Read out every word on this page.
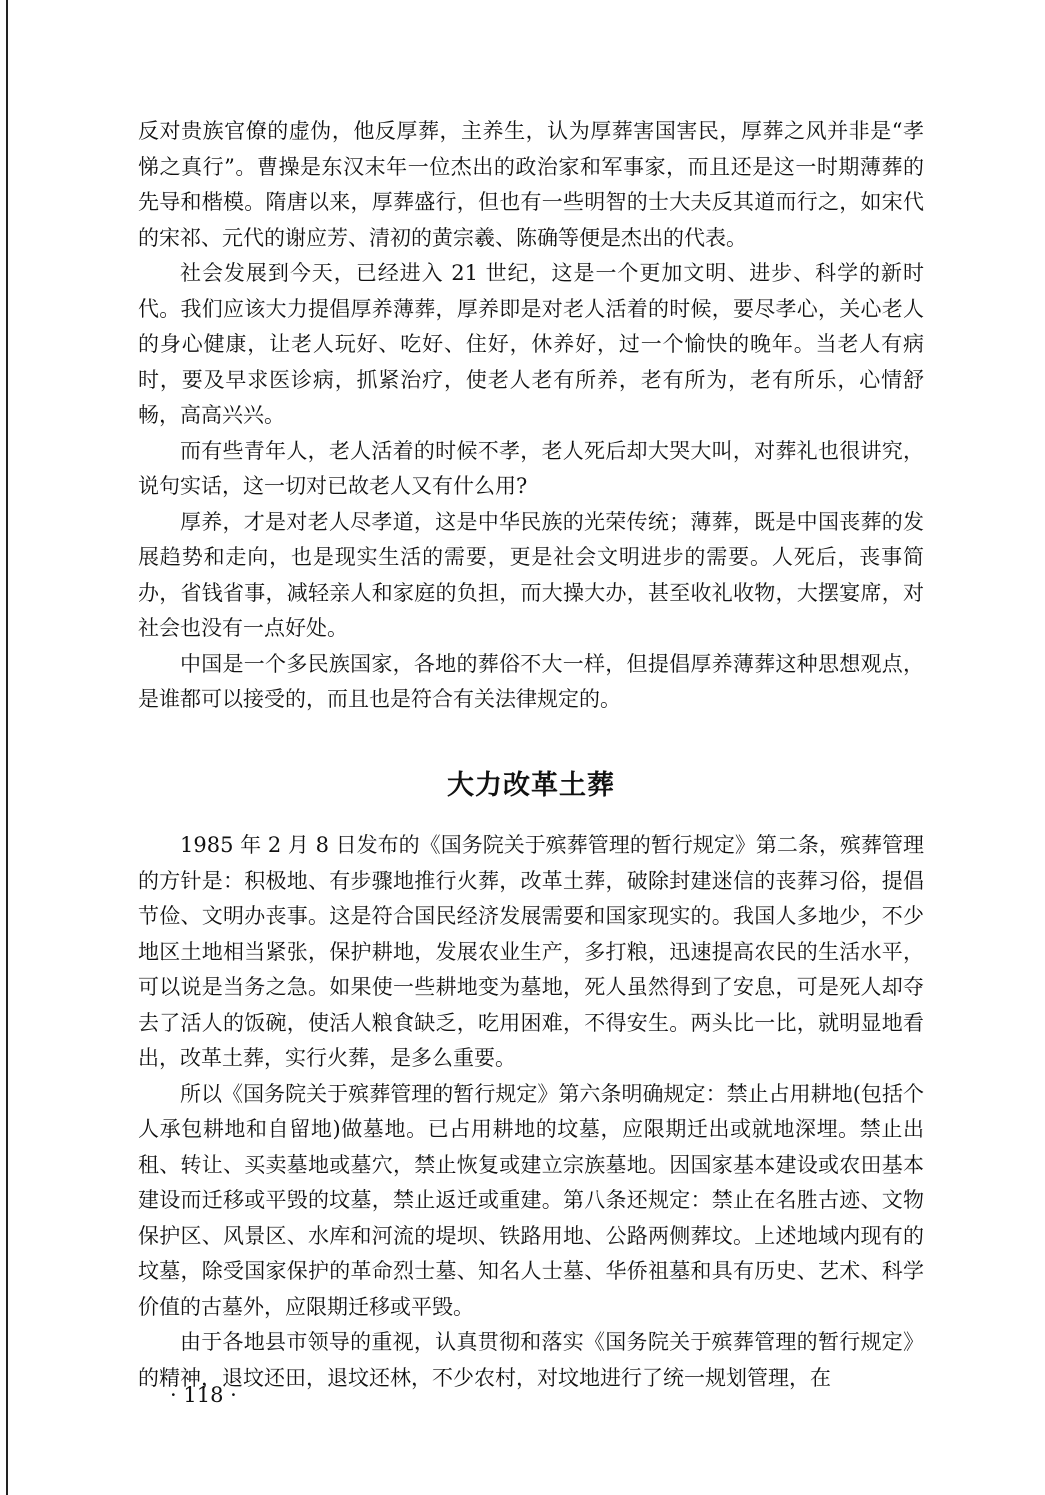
反对贵族官僚的虚伪，他反厚葬，主养生，认为厚葬害国害民，厚葬之风并非是“孝悌之真行”。曹操是东汉末年一位杰出的政治家和军事家，而且还是这一时期薄葬的先导和楷模。隋唐以来，厚葬盛行，但也有一些明智的士大夫反其道而行之，如宋代的宋祁、元代的谢应芳、清初的黄宗羲、陈确等便是杰出的代表。

社会发展到今天，已经进入 21 世纪，这是一个更加文明、进步、科学的新时代。我们应该大力提倡厚养薄葬，厚养即是对老人活着的时候，要尽孝心，关心老人的身心健康，让老人玩好、吃好、住好，休养好，过一个愉快的晚年。当老人有病时，要及早求医诊病，抓紧治疗，使老人老有所养，老有所为，老有所乐，心情舒畅，高高兴兴。

而有些青年人，老人活着的时候不孝，老人死后却大哭大叫，对葬礼也很讲究，说句实话，这一切对已故老人又有什么用?

厚养，才是对老人尽孝道，这是中华民族的光荣传统；薄葬，既是中国丧葬的发展趋势和走向，也是现实生活的需要，更是社会文明进步的需要。人死后，丧事简办，省钱省事，减轻亲人和家庭的负担，而大操大办，甚至收礼收物，大摆宴席，对社会也没有一点好处。

中国是一个多民族国家，各地的葬俗不大一样，但提倡厚养薄葬这种思想观点，是谁都可以接受的，而且也是符合有关法律规定的。

大力改革土葬

1985 年 2 月 8 日发布的《国务院关于殡葬管理的暂行规定》第二条，殡葬管理的方针是：积极地、有步骤地推行火葬，改革土葬，破除封建迷信的丧葬习俗，提倡节俭、文明办丧事。这是符合国民经济发展需要和国家现实的。我国人多地少，不少地区土地相当紧张，保护耕地，发展农业生产，多打粮，迅速提高农民的生活水平，可以说是当务之急。如果使一些耕地变为墓地，死人虽然得到了安息，可是死人却夺去了活人的饭碗，使活人粮食缺乏，吃用困难，不得安生。两头比一比，就明显地看出，改革土葬，实行火葬，是多么重要。

所以《国务院关于殡葬管理的暂行规定》第六条明确规定：禁止占用耕地(包括个人承包耕地和自留地)做墓地。已占用耕地的坟墓，应限期迁出或就地深埋。禁止出租、转让、买卖墓地或墓穴，禁止恢复或建立宗族墓地。因国家基本建设或农田基本建设而迁移或平毁的坟墓，禁止返迁或重建。第八条还规定：禁止在名胜古迹、文物保护区、风景区、水库和河流的堤坝、铁路用地、公路两侧葬坟。上述地域内现有的坟墓，除受国家保护的革命烈士墓、知名人士墓、华侨祖墓和具有历史、艺术、科学价值的古墓外，应限期迁移或平毁。

由于各地县市领导的重视，认真贯彻和落实《国务院关于殡葬管理的暂行规定》的精神，退坟还田，退坟还林，不少农村，对坟地进行了统一规划管理，在

· 118 ·
